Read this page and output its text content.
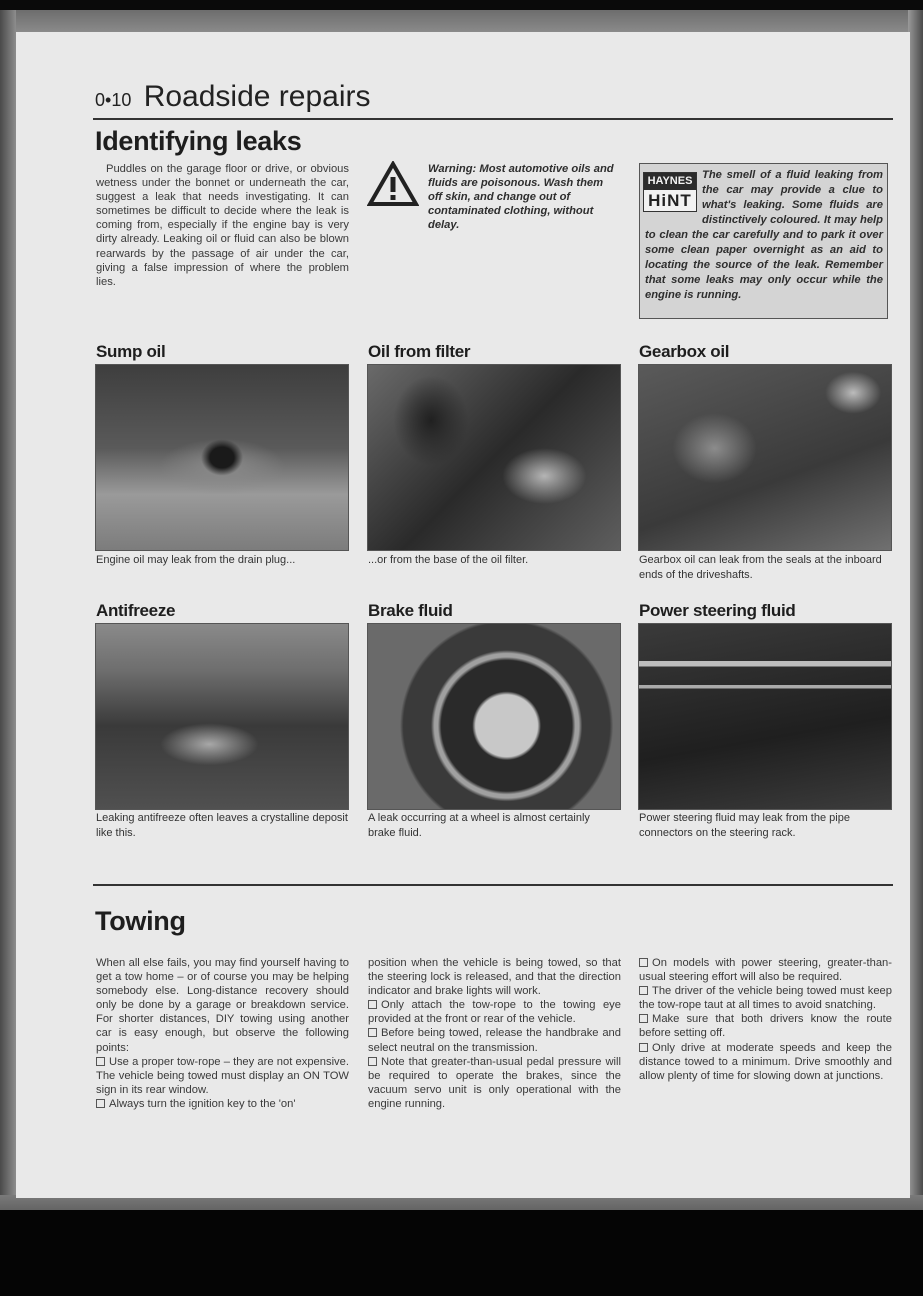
0•10 Roadside repairs
Identifying leaks

Puddles on the garage floor or drive, or obvious wetness under the bonnet or underneath the car, suggest a leak that needs investigating. It can sometimes be difficult to decide where the leak is coming from, especially if the engine bay is very dirty already. Leaking oil or fluid can also be blown rearwards by the passage of air under the car, giving a false impression of where the problem lies.

Warning: Most automotive oils and fluids are poisonous. Wash them off skin, and change out of contaminated clothing, without delay.
The smell of a fluid leaking from the car may provide a clue to what's leaking. Some fluids are distinctively coloured. It may help to clean the car carefully and to park it over some clean paper overnight as an aid to locating the source of the leak. Remember that some leaks may only occur while the engine is running.
HAYNES
HiNT
Sump oil
Engine oil may leak from the drain plug...
Oil from filter
...or from the base of the oil filter.
Gearbox oil
Gearbox oil can leak from the seals at the inboard ends of the driveshafts.
Antifreeze
Leaking antifreeze often leaves a crystalline deposit like this.
Brake fluid
A leak occurring at a wheel is almost certainly brake fluid.
Power steering fluid
Power steering fluid may leak from the pipe connectors on the steering rack.
Towing
When all else fails, you may find yourself having to get a tow home – or of course you may be helping somebody else. Long-distance recovery should only be done by a garage or breakdown service. For shorter distances, DIY towing using another car is easy enough, but observe the following points:
Use a proper tow-rope – they are not expensive. The vehicle being towed must display an ON TOW sign in its rear window.
Always turn the ignition key to the 'on'
position when the vehicle is being towed, so that the steering lock is released, and that the direction indicator and brake lights will work.
Only attach the tow-rope to the towing eye provided at the front or rear of the vehicle.
Before being towed, release the handbrake and select neutral on the transmission.
Note that greater-than-usual pedal pressure will be required to operate the brakes, since the vacuum servo unit is only operational with the engine running.
On models with power steering, greater-than-usual steering effort will also be required.
The driver of the vehicle being towed must keep the tow-rope taut at all times to avoid snatching.
Make sure that both drivers know the route before setting off.
Only drive at moderate speeds and keep the distance towed to a minimum. Drive smoothly and allow plenty of time for slowing down at junctions.
